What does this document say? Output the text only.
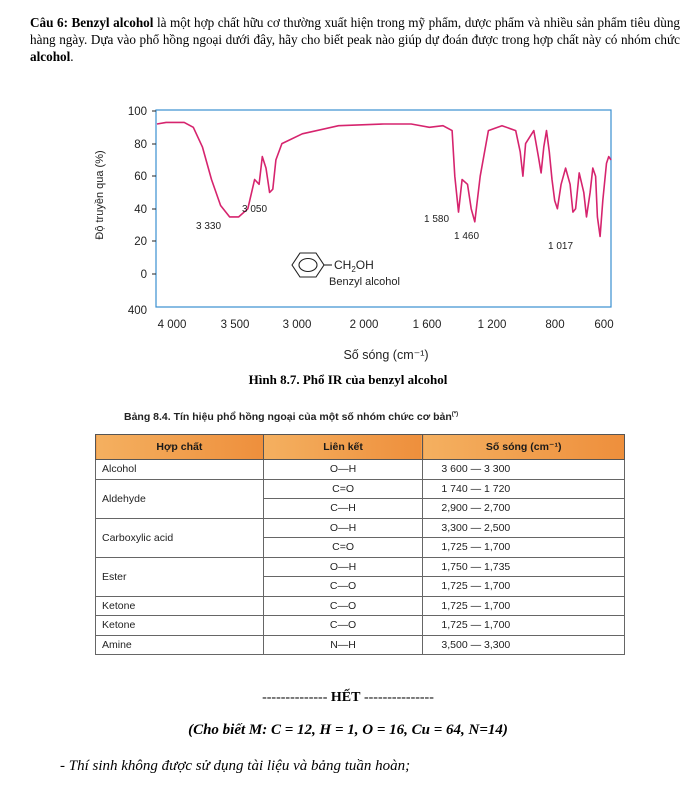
Câu 6: Benzyl alcohol là một hợp chất hữu cơ thường xuất hiện trong mỹ phẩm, dược phẩm và nhiều sản phẩm tiêu dùng hàng ngày. Dựa vào phổ hồng ngoại dưới đây, hãy cho biết peak nào giúp dự đoán được trong hợp chất này có nhóm chức alcohol.
100
80
60
40
20
0
400
Độ truyền qua (%)
4 000	3 500	3 000	2 000	1 600	1 200	800	600
Số sóng (cm⁻¹)
3 330
3 050
1 580
1 460
1 017
$CH_2OH$
Benzyl alcohol
Hình 8.7. Phổ IR của benzyl alcohol
Bảng 8.4. Tín hiệu phổ hồng ngoại của một số nhóm chức cơ bản(*)
Hợp chất	Liên kết	Số sóng (cm⁻¹)
Alcohol	O—H	3 600 — 3 300
Aldehyde	C=O	1 740 — 1 720
	C—H	2,900 — 2,700
Carboxylic acid	O—H	3,300 — 2,500
	C=O	1,725 — 1,700
Ester	O—H	1,750 — 1,735
	C—O	1,725 — 1,700
Ketone	C—O	1,725 — 1,700
Ketone	C—O	1,725 — 1,700
Amine	N—H	3,500 — 3,300
-------------- HẾT ---------------
(Cho biết M: C = 12, H = 1, O = 16, Cu = 64, N=14)
- Thí sinh không được sử dụng tài liệu và bảng tuần hoàn;
